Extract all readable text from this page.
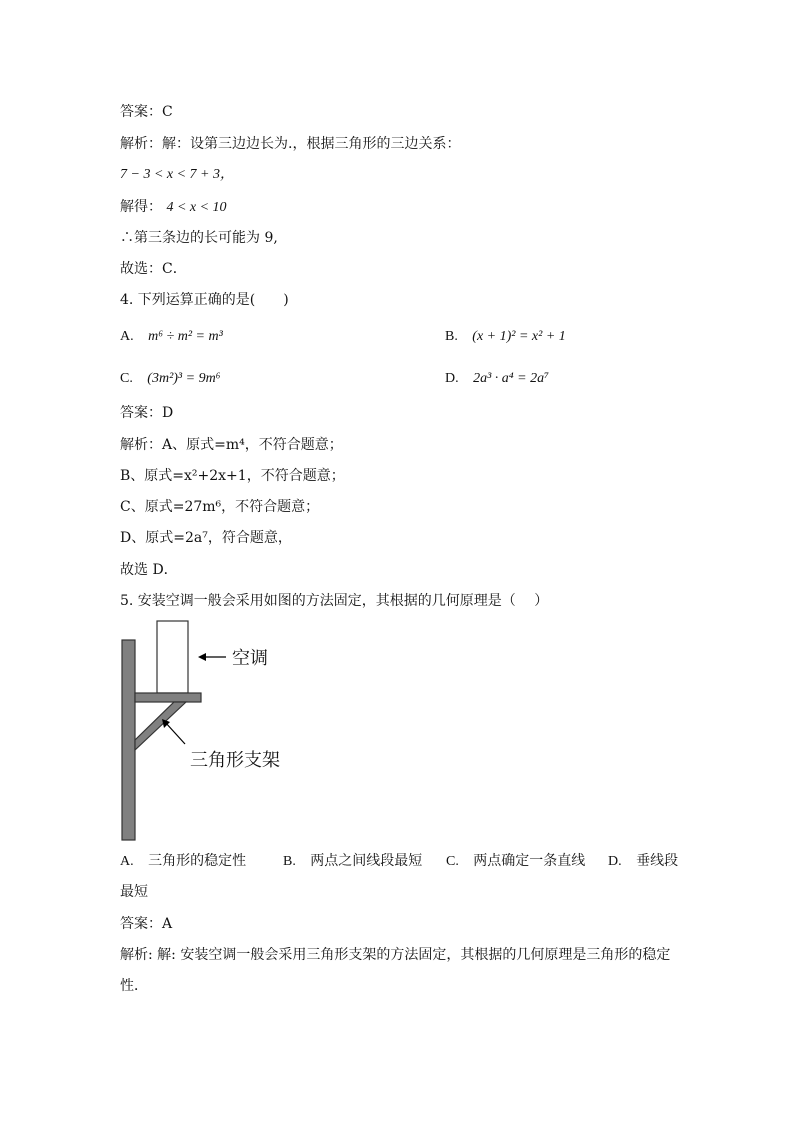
答案：C
解析：解：设第三边边长为.，根据三角形的三边关系：
7 − 3 < x < 7 + 3，
解得： 4 < x < 10
∴第三条边的长可能为 9,
故选：C．
4. 下列运算正确的是(　　)
A. m⁶ ÷ m² = m³	B. (x + 1)² = x² + 1
C. (3m²)³ = 9m⁶	D. 2a³ · a⁴ = 2a⁷
答案：D
解析：A、原式=m⁴，不符合题意；
B、原式=x²+2x+1，不符合题意；
C、原式=27m⁶，不符合题意；
D、原式=2a⁷，符合题意，
故选 D．
5. 安装空调一般会采用如图的方法固定，其根据的几何原理是（　 ）
空调
三角形支架
A. 三角形的稳定性	B. 两点之间线段最短 C. 两点确定一条直线 D. 垂线段
最短
答案：A
解析: 解: 安装空调一般会采用三角形支架的方法固定，其根据的几何原理是三角形的稳定
性．
